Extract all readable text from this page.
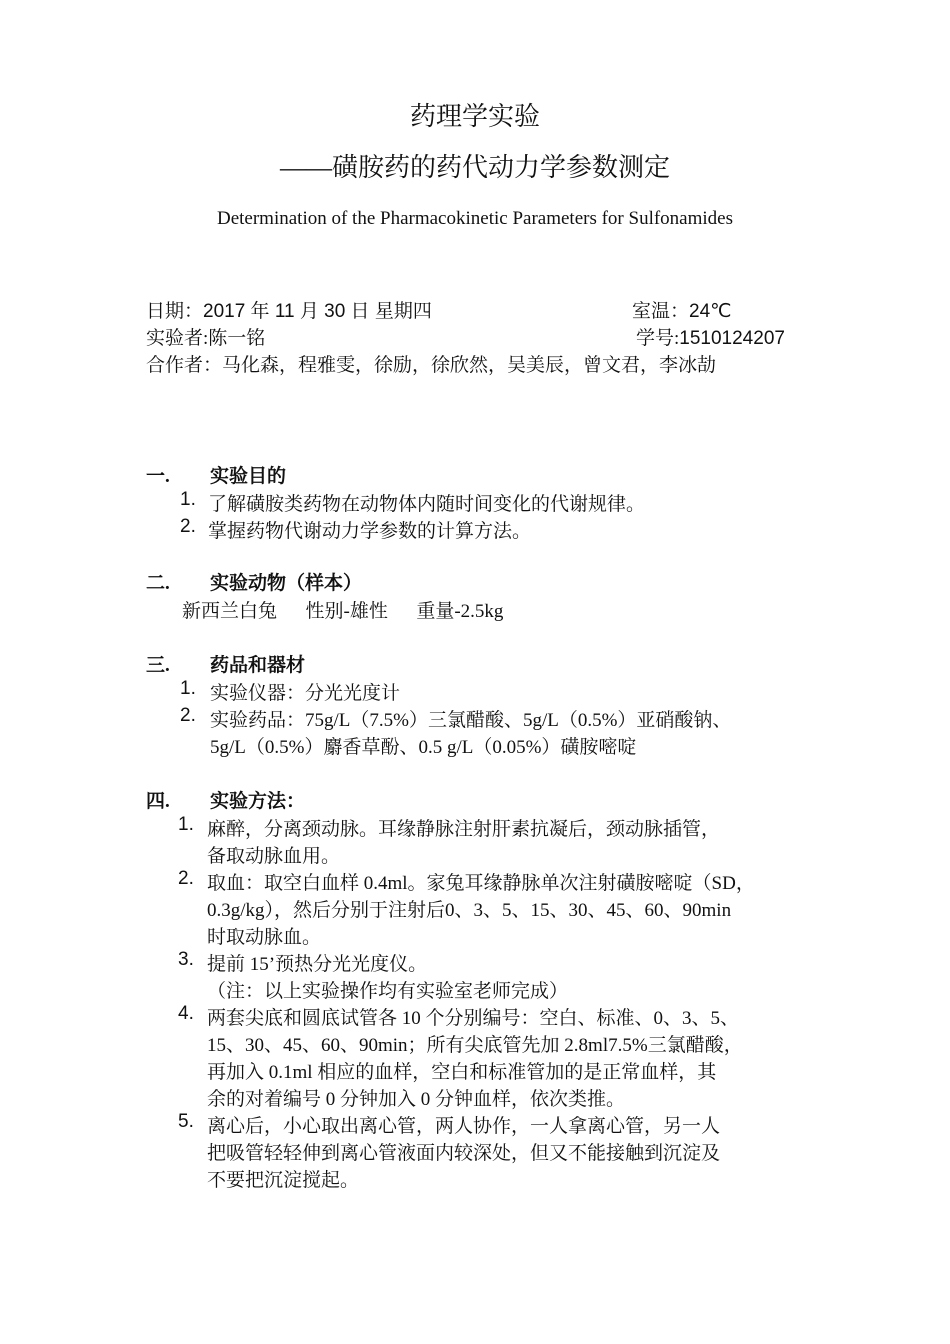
药理学实验
——磺胺药的药代动力学参数测定
Determination of the Pharmacokinetic Parameters for Sulfonamides
日期：2017 年 11 月 30 日 星期四	室温：24℃
实验者:陈一铭	学号:1510124207
合作者：马化森，程雅雯，徐励，徐欣然，吴美辰，曾文君，李冰劼
一. 实验目的
1. 了解磺胺类药物在动物体内随时间变化的代谢规律。
2. 掌握药物代谢动力学参数的计算方法。
二. 实验动物（样本）
新西兰白兔      性别-雄性      重量-2.5kg
三. 药品和器材
1. 实验仪器：分光光度计
2. 实验药品：75g/L（7.5%）三氯醋酸、5g/L（0.5%）亚硝酸钠、
5g/L（0.5%）麝香草酚、0.5 g/L（0.05%）磺胺嘧啶
四. 实验方法：
1. 麻醉，分离颈动脉。耳缘静脉注射肝素抗凝后，颈动脉插管，
备取动脉血用。
2. 取血：取空白血样 0.4ml。家兔耳缘静脉单次注射磺胺嘧啶（SD，
0.3g/kg），然后分别于注射后0、3、5、15、30、45、60、90min
时取动脉血。
3. 提前 15’预热分光光度仪。
（注：以上实验操作均有实验室老师完成）
4. 两套尖底和圆底试管各 10 个分别编号：空白、标准、0、3、5、
15、30、45、60、90min；所有尖底管先加 2.8ml7.5%三氯醋酸，
再加入 0.1ml 相应的血样，空白和标准管加的是正常血样，其
余的对着编号 0 分钟加入 0 分钟血样，依次类推。
5. 离心后，小心取出离心管，两人协作，一人拿离心管，另一人
把吸管轻轻伸到离心管液面内较深处，但又不能接触到沉淀及
不要把沉淀搅起。
